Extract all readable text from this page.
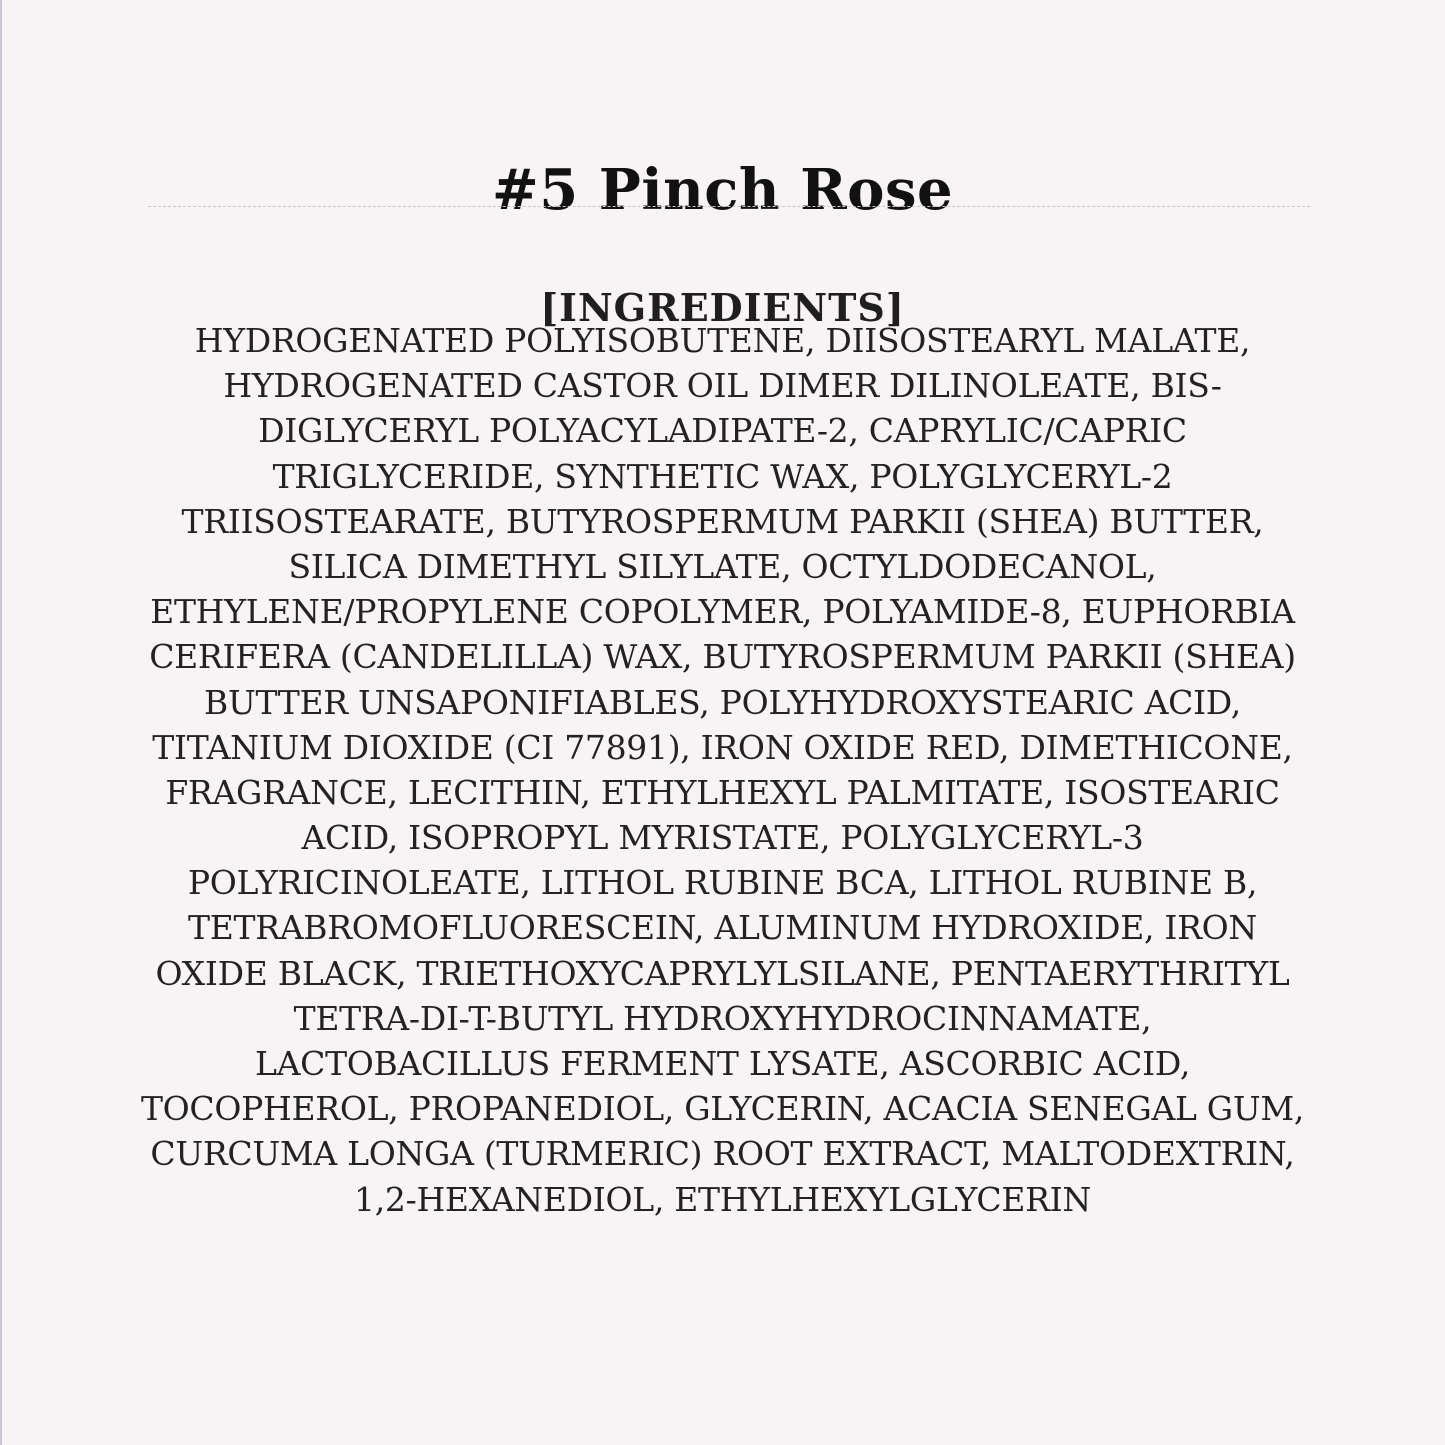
#5 Pinch Rose
[INGREDIENTS]
HYDROGENATED POLYISOBUTENE, DIISOSTEARYL MALATE,
HYDROGENATED CASTOR OIL DIMER DILINOLEATE, BIS-
DIGLYCERYL POLYACYLADIPATE-2, CAPRYLIC/CAPRIC
TRIGLYCERIDE, SYNTHETIC WAX, POLYGLYCERYL-2
TRIISOSTEARATE, BUTYROSPERMUM PARKII (SHEA) BUTTER,
SILICA DIMETHYL SILYLATE, OCTYLDODECANOL,
ETHYLENE/PROPYLENE COPOLYMER, POLYAMIDE-8, EUPHORBIA
CERIFERA (CANDELILLA) WAX, BUTYROSPERMUM PARKII (SHEA)
BUTTER UNSAPONIFIABLES, POLYHYDROXYSTEARIC ACID,
TITANIUM DIOXIDE (CI 77891), IRON OXIDE RED, DIMETHICONE,
FRAGRANCE, LECITHIN, ETHYLHEXYL PALMITATE, ISOSTEARIC
ACID, ISOPROPYL MYRISTATE, POLYGLYCERYL-3
POLYRICINOLEATE, LITHOL RUBINE BCA, LITHOL RUBINE B,
TETRABROMOFLUORESCEIN, ALUMINUM HYDROXIDE, IRON
OXIDE BLACK, TRIETHOXYCAPRYLYLSILANE, PENTAERYTHRITYL
TETRA-DI-T-BUTYL HYDROXYHYDROCINNAMATE,
LACTOBACILLUS FERMENT LYSATE, ASCORBIC ACID,
TOCOPHEROL, PROPANEDIOL, GLYCERIN, ACACIA SENEGAL GUM,
CURCUMA LONGA (TURMERIC) ROOT EXTRACT, MALTODEXTRIN,
1,2-HEXANEDIOL, ETHYLHEXYLGLYCERIN
